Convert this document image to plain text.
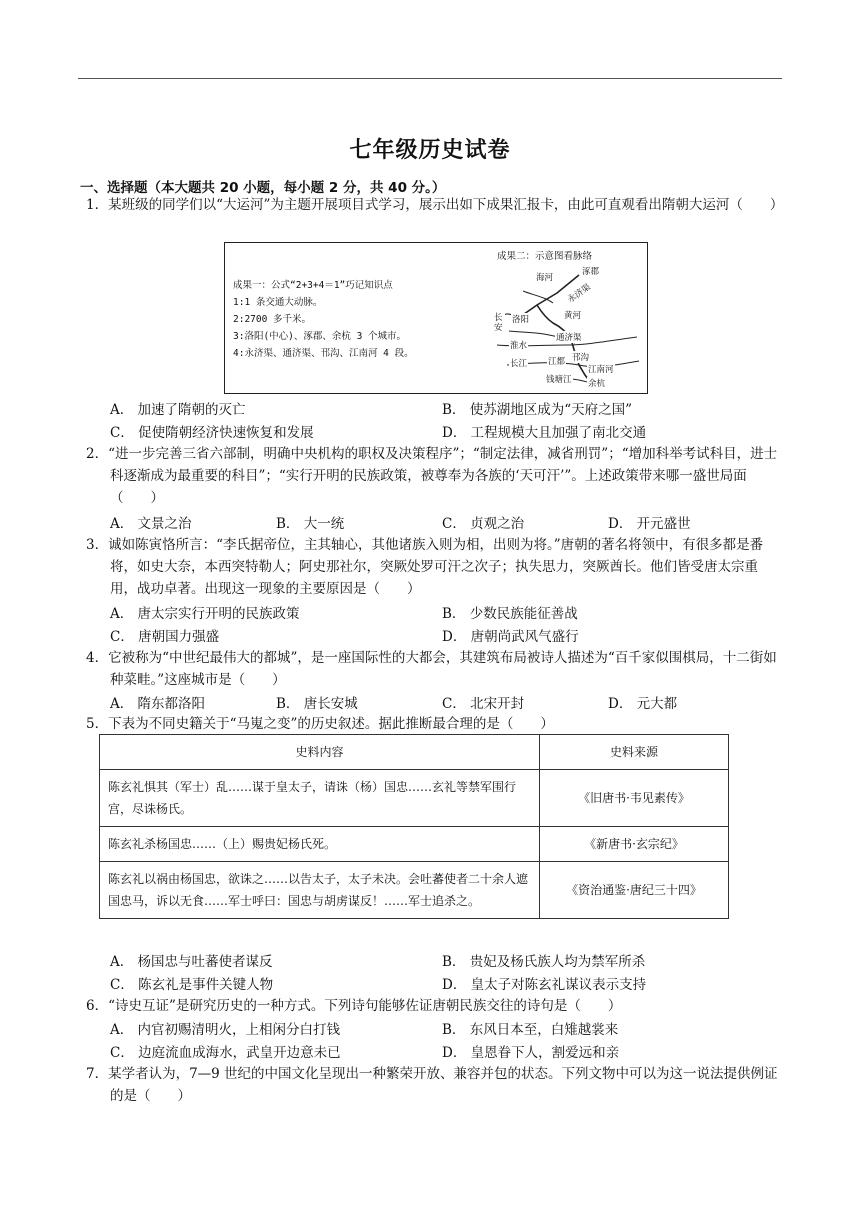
七年级历史试卷
一、选择题（本大题共 20 小题，每小题 2 分，共 40 分。）
1．某班级的同学们以“大运河”为主题开展项目式学习，展示出如下成果汇报卡，由此可直观看出隋朝大运河（　　）
成果一：公式“2+3+4＝1”巧记知识点
1:1 条交通大动脉。
2:2700 多千米。
3:洛阳(中心)、涿郡、余杭 3 个城市。
4:永济渠、通济渠、邗沟、江南河 4 段。
成果二：示意图看脉络
海河
涿郡
永济渠
长安
洛阳	黄河
通济渠
淮水
邗沟
江都
长江
江南河
钱塘江 余杭
A． 加速了隋朝的灭亡	B． 使苏湖地区成为“天府之国”
C． 促使隋朝经济快速恢复和发展	D． 工程规模大且加强了南北交通
2．“进一步完善三省六部制，明确中央机构的职权及决策程序”；“制定法律，减省刑罚”；“增加科举考试科目，进士科逐渐成为最重要的科目”；“实行开明的民族政策，被尊奉为各族的‘天可汗’”。上述政策带来哪一盛世局面（　　）
A． 文景之治	B． 大一统	C． 贞观之治	D． 开元盛世
3．诚如陈寅恪所言：“李氏据帝位，主其轴心，其他诸族入则为相，出则为将。”唐朝的著名将领中，有很多都是番将，如史大奈，本西突特勒人；阿史那社尔，突厥处罗可汗之次子；执失思力，突厥酋长。他们皆受唐太宗重用，战功卓著。出现这一现象的主要原因是（　　）
A． 唐太宗实行开明的民族政策	B． 少数民族能征善战
C． 唐朝国力强盛	D． 唐朝尚武风气盛行
4．它被称为“中世纪最伟大的都城”，是一座国际性的大都会，其建筑布局被诗人描述为“百千家似围棋局，十二街如种菜畦。”这座城市是（　　）
A． 隋东都洛阳	B． 唐长安城	C． 北宋开封	D． 元大都
5．下表为不同史籍关于“马嵬之变”的历史叙述。据此推断最合理的是（　　）
史料内容	史料来源
陈玄礼惧其（军士）乱……谋于皇太子，请诛（杨）国忠……玄礼等禁军围行宫，尽诛杨氏。	《旧唐书·韦见素传》
陈玄礼杀杨国忠……（上）赐贵妃杨氏死。	《新唐书·玄宗纪》
陈玄礼以祸由杨国忠，欲诛之……以告太子，太子未决。会吐蕃使者二十余人遮国忠马，诉以无食……军士呼曰：国忠与胡虏谋反！……军士追杀之。	《资治通鉴·唐纪三十四》
A． 杨国忠与吐蕃使者谋反	B． 贵妃及杨氏族人均为禁军所杀
C． 陈玄礼是事件关键人物	D． 皇太子对陈玄礼谋议表示支持
6．“诗史互证”是研究历史的一种方式。下列诗句能够佐证唐朝民族交往的诗句是（　　）
A． 内官初赐清明火，上相闲分白打钱	B． 东风日本至，白雉越裳来
C． 边庭流血成海水，武皇开边意未已	D． 皇恩眷下人，割爱远和亲
7．某学者认为，7—9 世纪的中国文化呈现出一种繁荣开放、兼容并包的状态。下列文物中可以为这一说法提供例证的是（　　）
